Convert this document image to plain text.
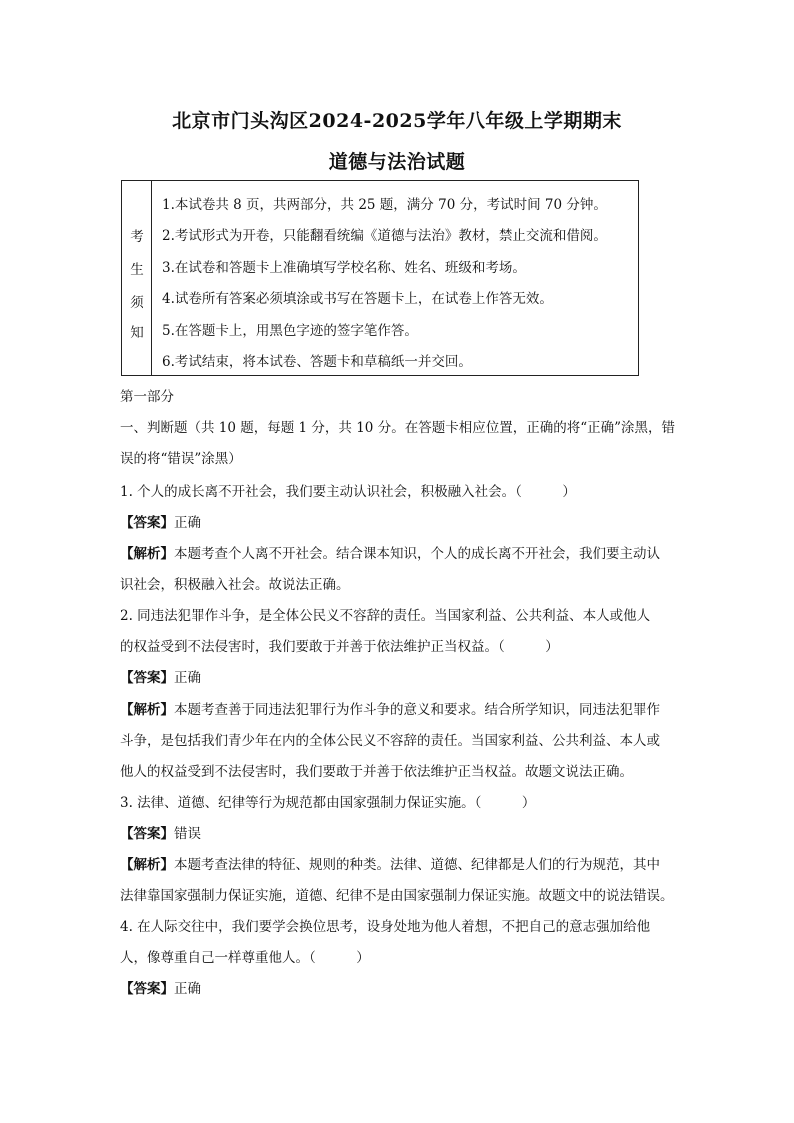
北京市门头沟区2024-2025学年八年级上学期期末
道德与法治试题
考
生
须
知
1.本试卷共 8 页，共两部分，共 25 题，满分 70 分，考试时间 70 分钟。
2.考试形式为开卷，只能翻看统编《道德与法治》教材，禁止交流和借阅。
3.在试卷和答题卡上准确填写学校名称、姓名、班级和考场。
4.试卷所有答案必须填涂或书写在答题卡上，在试卷上作答无效。
5.在答题卡上，用黑色字迹的签字笔作答。
6.考试结束，将本试卷、答题卡和草稿纸一并交回。
第一部分
一、判断题（共 10 题，每题 1 分，共 10 分。在答题卡相应位置，正确的将“正确”涂黑，错
误的将“错误”涂黑）
1. 个人的成长离不开社会，我们要主动认识社会，积极融入社会。（　　　）
【答案】正确
【解析】本题考查个人离不开社会。结合课本知识，个人的成长离不开社会，我们要主动认
识社会，积极融入社会。故说法正确。
2. 同违法犯罪作斗争，是全体公民义不容辞的责任。当国家利益、公共利益、本人或他人
的权益受到不法侵害时，我们要敢于并善于依法维护正当权益。（　　　）
【答案】正确
【解析】本题考查善于同违法犯罪行为作斗争的意义和要求。结合所学知识，同违法犯罪作
斗争，是包括我们青少年在内的全体公民义不容辞的责任。当国家利益、公共利益、本人或
他人的权益受到不法侵害时，我们要敢于并善于依法维护正当权益。故题文说法正确。
3. 法律、道德、纪律等行为规范都由国家强制力保证实施。（　　　）
【答案】错误
【解析】本题考查法律的特征、规则的种类。法律、道德、纪律都是人们的行为规范，其中
法律靠国家强制力保证实施，道德、纪律不是由国家强制力保证实施。故题文中的说法错误。
4. 在人际交往中，我们要学会换位思考，设身处地为他人着想，不把自己的意志强加给他
人，像尊重自己一样尊重他人。（　　　）
【答案】正确
